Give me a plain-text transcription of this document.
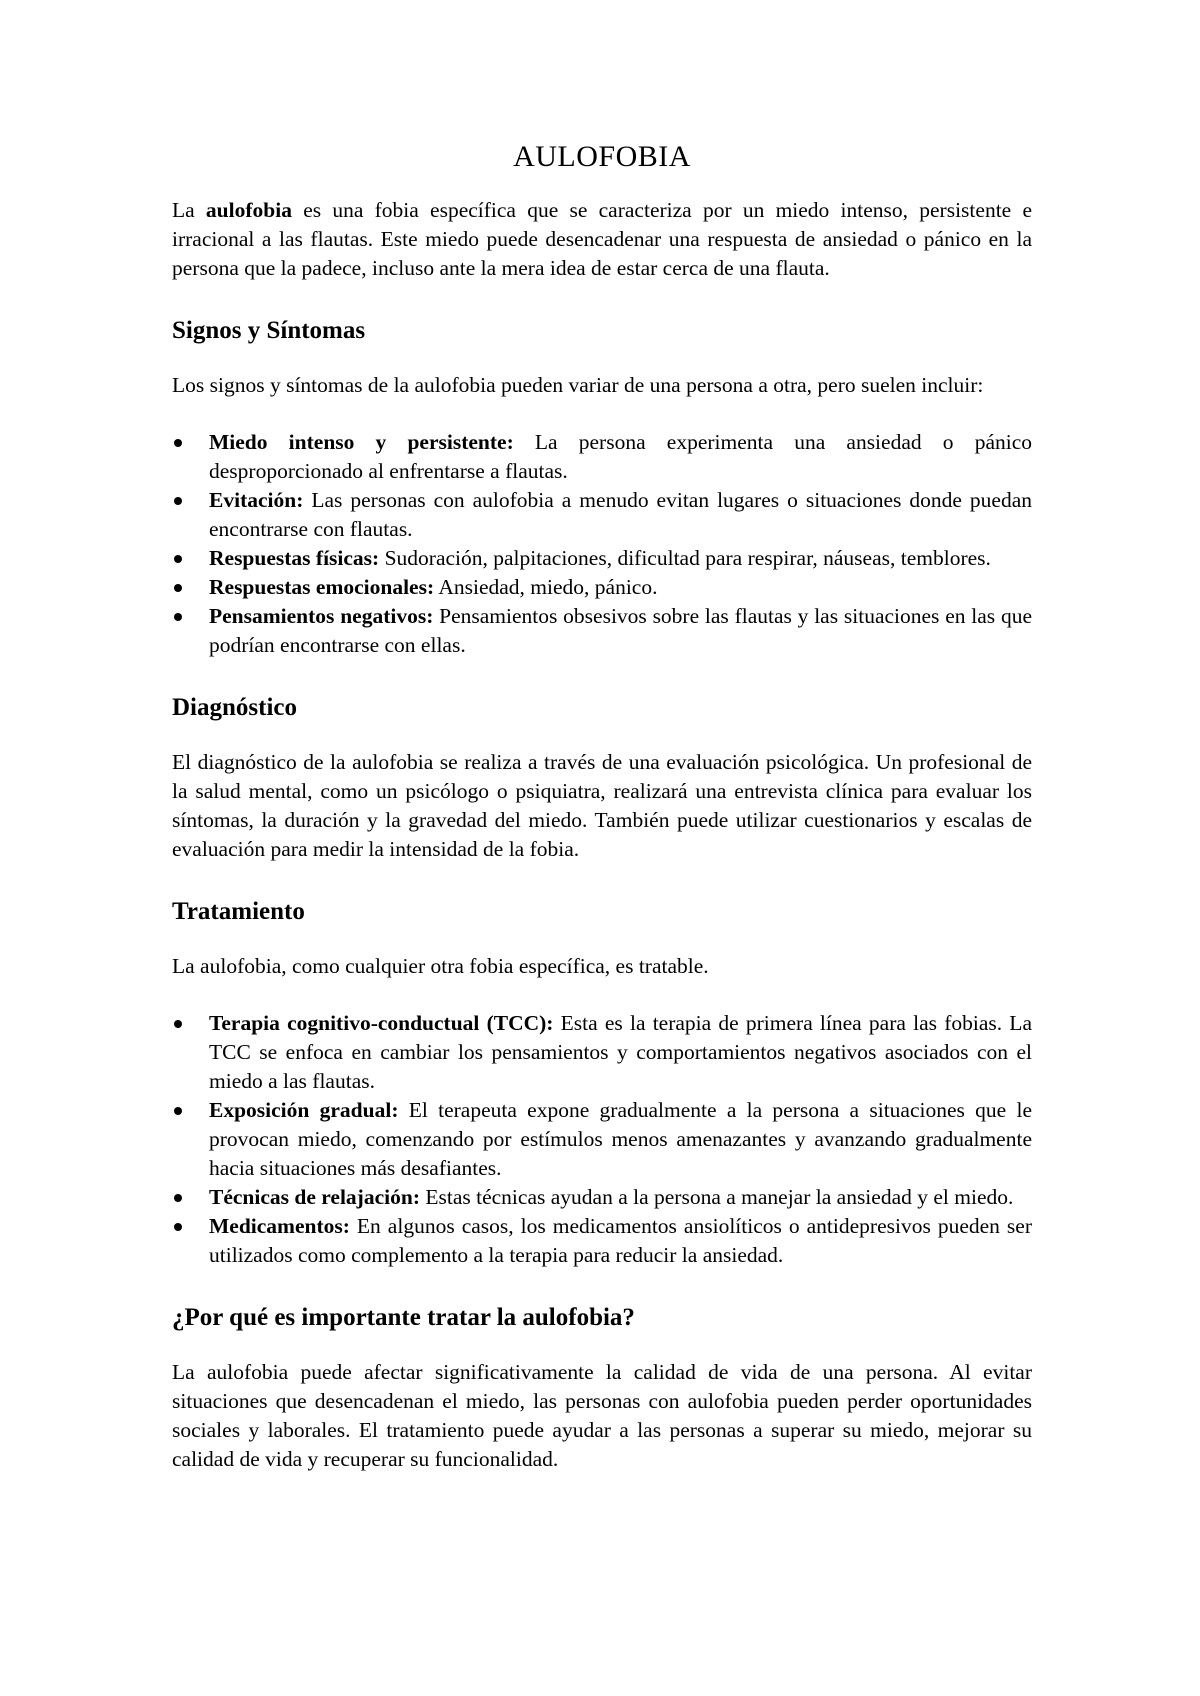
AULOFOBIA

La aulofobia es una fobia específica que se caracteriza por un miedo intenso, persistente e irracional a las flautas. Este miedo puede desencadenar una respuesta de ansiedad o pánico en la persona que la padece, incluso ante la mera idea de estar cerca de una flauta.

Signos y Síntomas

Los signos y síntomas de la aulofobia pueden variar de una persona a otra, pero suelen incluir:

Miedo intenso y persistente: La persona experimenta una ansiedad o pánico desproporcionado al enfrentarse a flautas.
Evitación: Las personas con aulofobia a menudo evitan lugares o situaciones donde puedan encontrarse con flautas.
Respuestas físicas: Sudoración, palpitaciones, dificultad para respirar, náuseas, temblores.
Respuestas emocionales: Ansiedad, miedo, pánico.
Pensamientos negativos: Pensamientos obsesivos sobre las flautas y las situaciones en las que podrían encontrarse con ellas.
Diagnóstico

El diagnóstico de la aulofobia se realiza a través de una evaluación psicológica. Un profesional de la salud mental, como un psicólogo o psiquiatra, realizará una entrevista clínica para evaluar los síntomas, la duración y la gravedad del miedo. También puede utilizar cuestionarios y escalas de evaluación para medir la intensidad de la fobia.

Tratamiento

La aulofobia, como cualquier otra fobia específica, es tratable.

Terapia cognitivo-conductual (TCC): Esta es la terapia de primera línea para las fobias. La TCC se enfoca en cambiar los pensamientos y comportamientos negativos asociados con el miedo a las flautas.
Exposición gradual: El terapeuta expone gradualmente a la persona a situaciones que le provocan miedo, comenzando por estímulos menos amenazantes y avanzando gradualmente hacia situaciones más desafiantes.
Técnicas de relajación: Estas técnicas ayudan a la persona a manejar la ansiedad y el miedo.
Medicamentos: En algunos casos, los medicamentos ansiolíticos o antidepresivos pueden ser utilizados como complemento a la terapia para reducir la ansiedad.
¿Por qué es importante tratar la aulofobia?

La aulofobia puede afectar significativamente la calidad de vida de una persona. Al evitar situaciones que desencadenan el miedo, las personas con aulofobia pueden perder oportunidades sociales y laborales. El tratamiento puede ayudar a las personas a superar su miedo, mejorar su calidad de vida y recuperar su funcionalidad.
